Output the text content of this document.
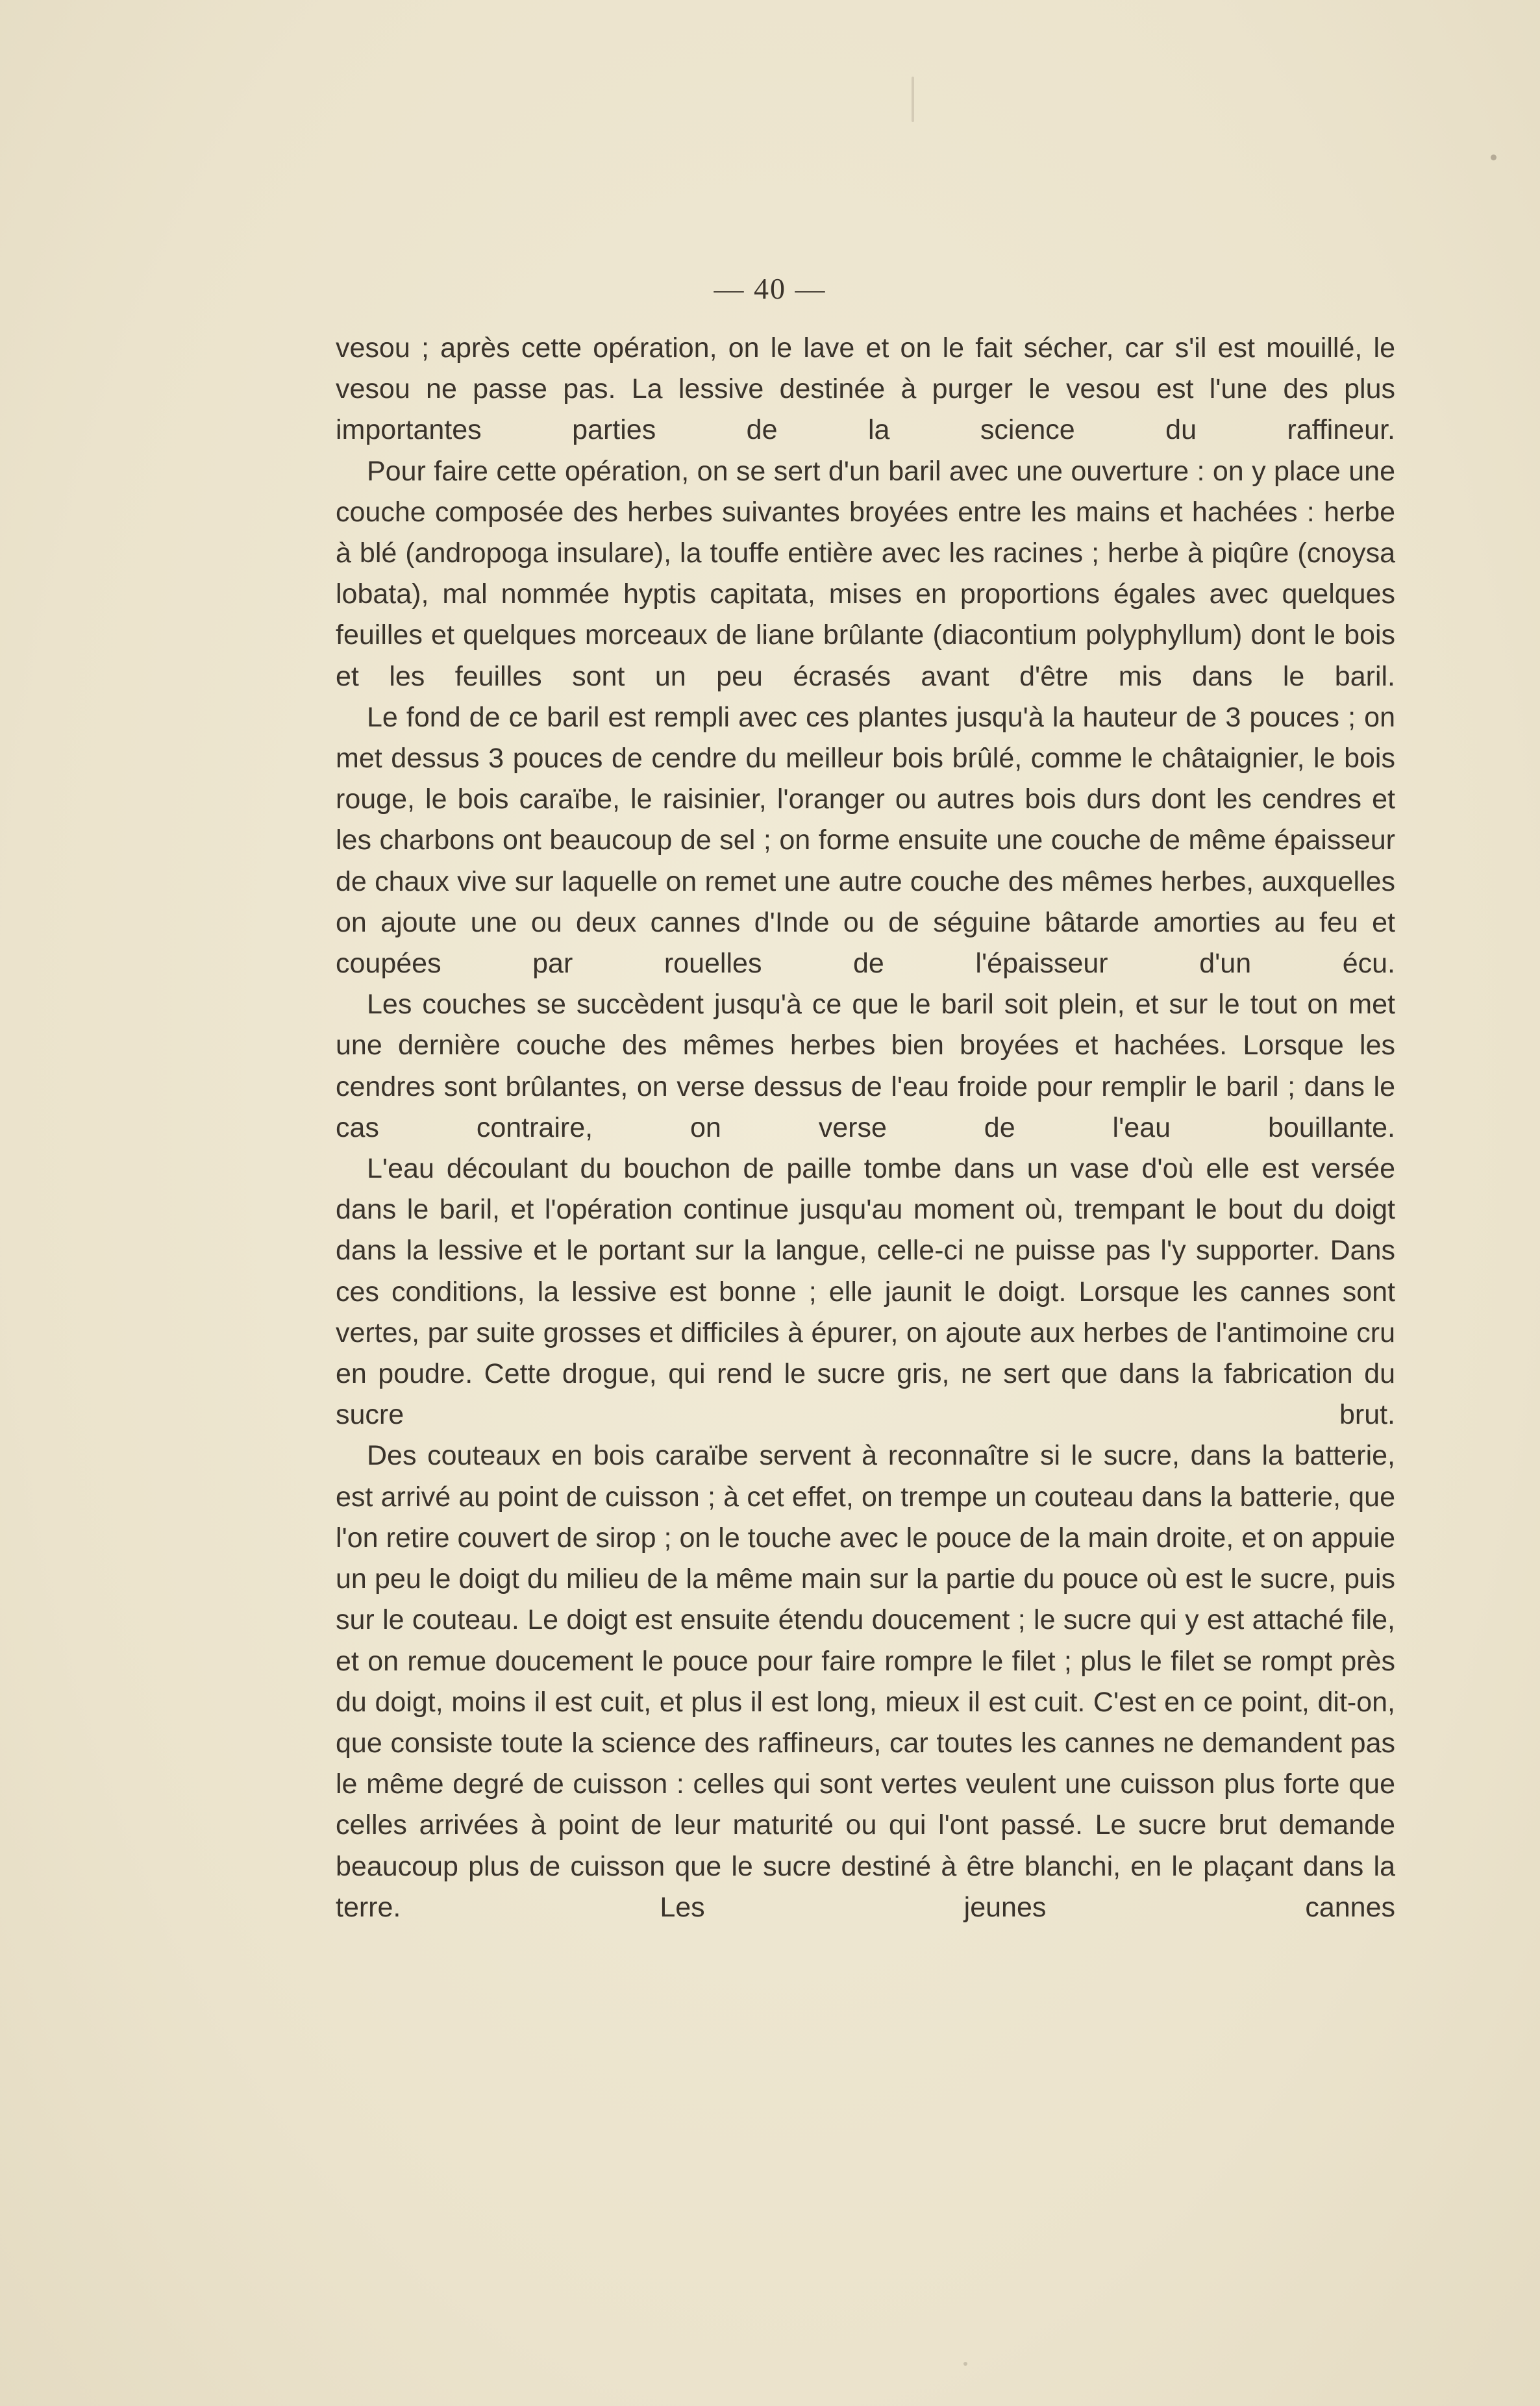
— 40 —

vesou ; après cette opération, on le lave et on le fait sécher, car s'il est mouillé, le vesou ne passe pas. La lessive destinée à purger le vesou est l'une des plus importantes parties de la science du raffineur.

Pour faire cette opération, on se sert d'un baril avec une ouverture : on y place une couche composée des herbes suivantes broyées entre les mains et hachées : herbe à blé (andropoga insulare), la touffe entière avec les racines ; herbe à piqûre (cnoysa lobata), mal nommée hyptis capitata, mises en proportions égales avec quelques feuilles et quelques morceaux de liane brûlante (diacontium polyphyllum) dont le bois et les feuilles sont un peu écrasés avant d'être mis dans le baril.

Le fond de ce baril est rempli avec ces plantes jusqu'à la hauteur de 3 pouces ; on met dessus 3 pouces de cendre du meilleur bois brûlé, comme le châtaignier, le bois rouge, le bois caraïbe, le raisinier, l'oranger ou autres bois durs dont les cendres et les charbons ont beaucoup de sel ; on forme ensuite une couche de même épaisseur de chaux vive sur laquelle on remet une autre couche des mêmes herbes, auxquelles on ajoute une ou deux cannes d'Inde ou de séguine bâtarde amorties au feu et coupées par rouelles de l'épaisseur d'un écu.

Les couches se succèdent jusqu'à ce que le baril soit plein, et sur le tout on met une dernière couche des mêmes herbes bien broyées et hachées. Lorsque les cendres sont brûlantes, on verse dessus de l'eau froide pour remplir le baril ; dans le cas contraire, on verse de l'eau bouillante.

L'eau découlant du bouchon de paille tombe dans un vase d'où elle est versée dans le baril, et l'opération continue jusqu'au moment où, trempant le bout du doigt dans la lessive et le portant sur la langue, celle-ci ne puisse pas l'y supporter. Dans ces conditions, la lessive est bonne ; elle jaunit le doigt. Lorsque les cannes sont vertes, par suite grosses et difficiles à épurer, on ajoute aux herbes de l'antimoine cru en poudre. Cette drogue, qui rend le sucre gris, ne sert que dans la fabrication du sucre brut.

Des couteaux en bois caraïbe servent à reconnaître si le sucre, dans la batterie, est arrivé au point de cuisson ; à cet effet, on trempe un couteau dans la batterie, que l'on retire couvert de sirop ; on le touche avec le pouce de la main droite, et on appuie un peu le doigt du milieu de la même main sur la partie du pouce où est le sucre, puis sur le couteau. Le doigt est ensuite étendu doucement ; le sucre qui y est attaché file, et on remue doucement le pouce pour faire rompre le filet ; plus le filet se rompt près du doigt, moins il est cuit, et plus il est long, mieux il est cuit. C'est en ce point, dit-on, que consiste toute la science des raffineurs, car toutes les cannes ne demandent pas le même degré de cuisson : celles qui sont vertes veulent une cuisson plus forte que celles arrivées à point de leur maturité ou qui l'ont passé. Le sucre brut demande beaucoup plus de cuisson que le sucre destiné à être blanchi, en le plaçant dans la terre. Les jeunes cannes
